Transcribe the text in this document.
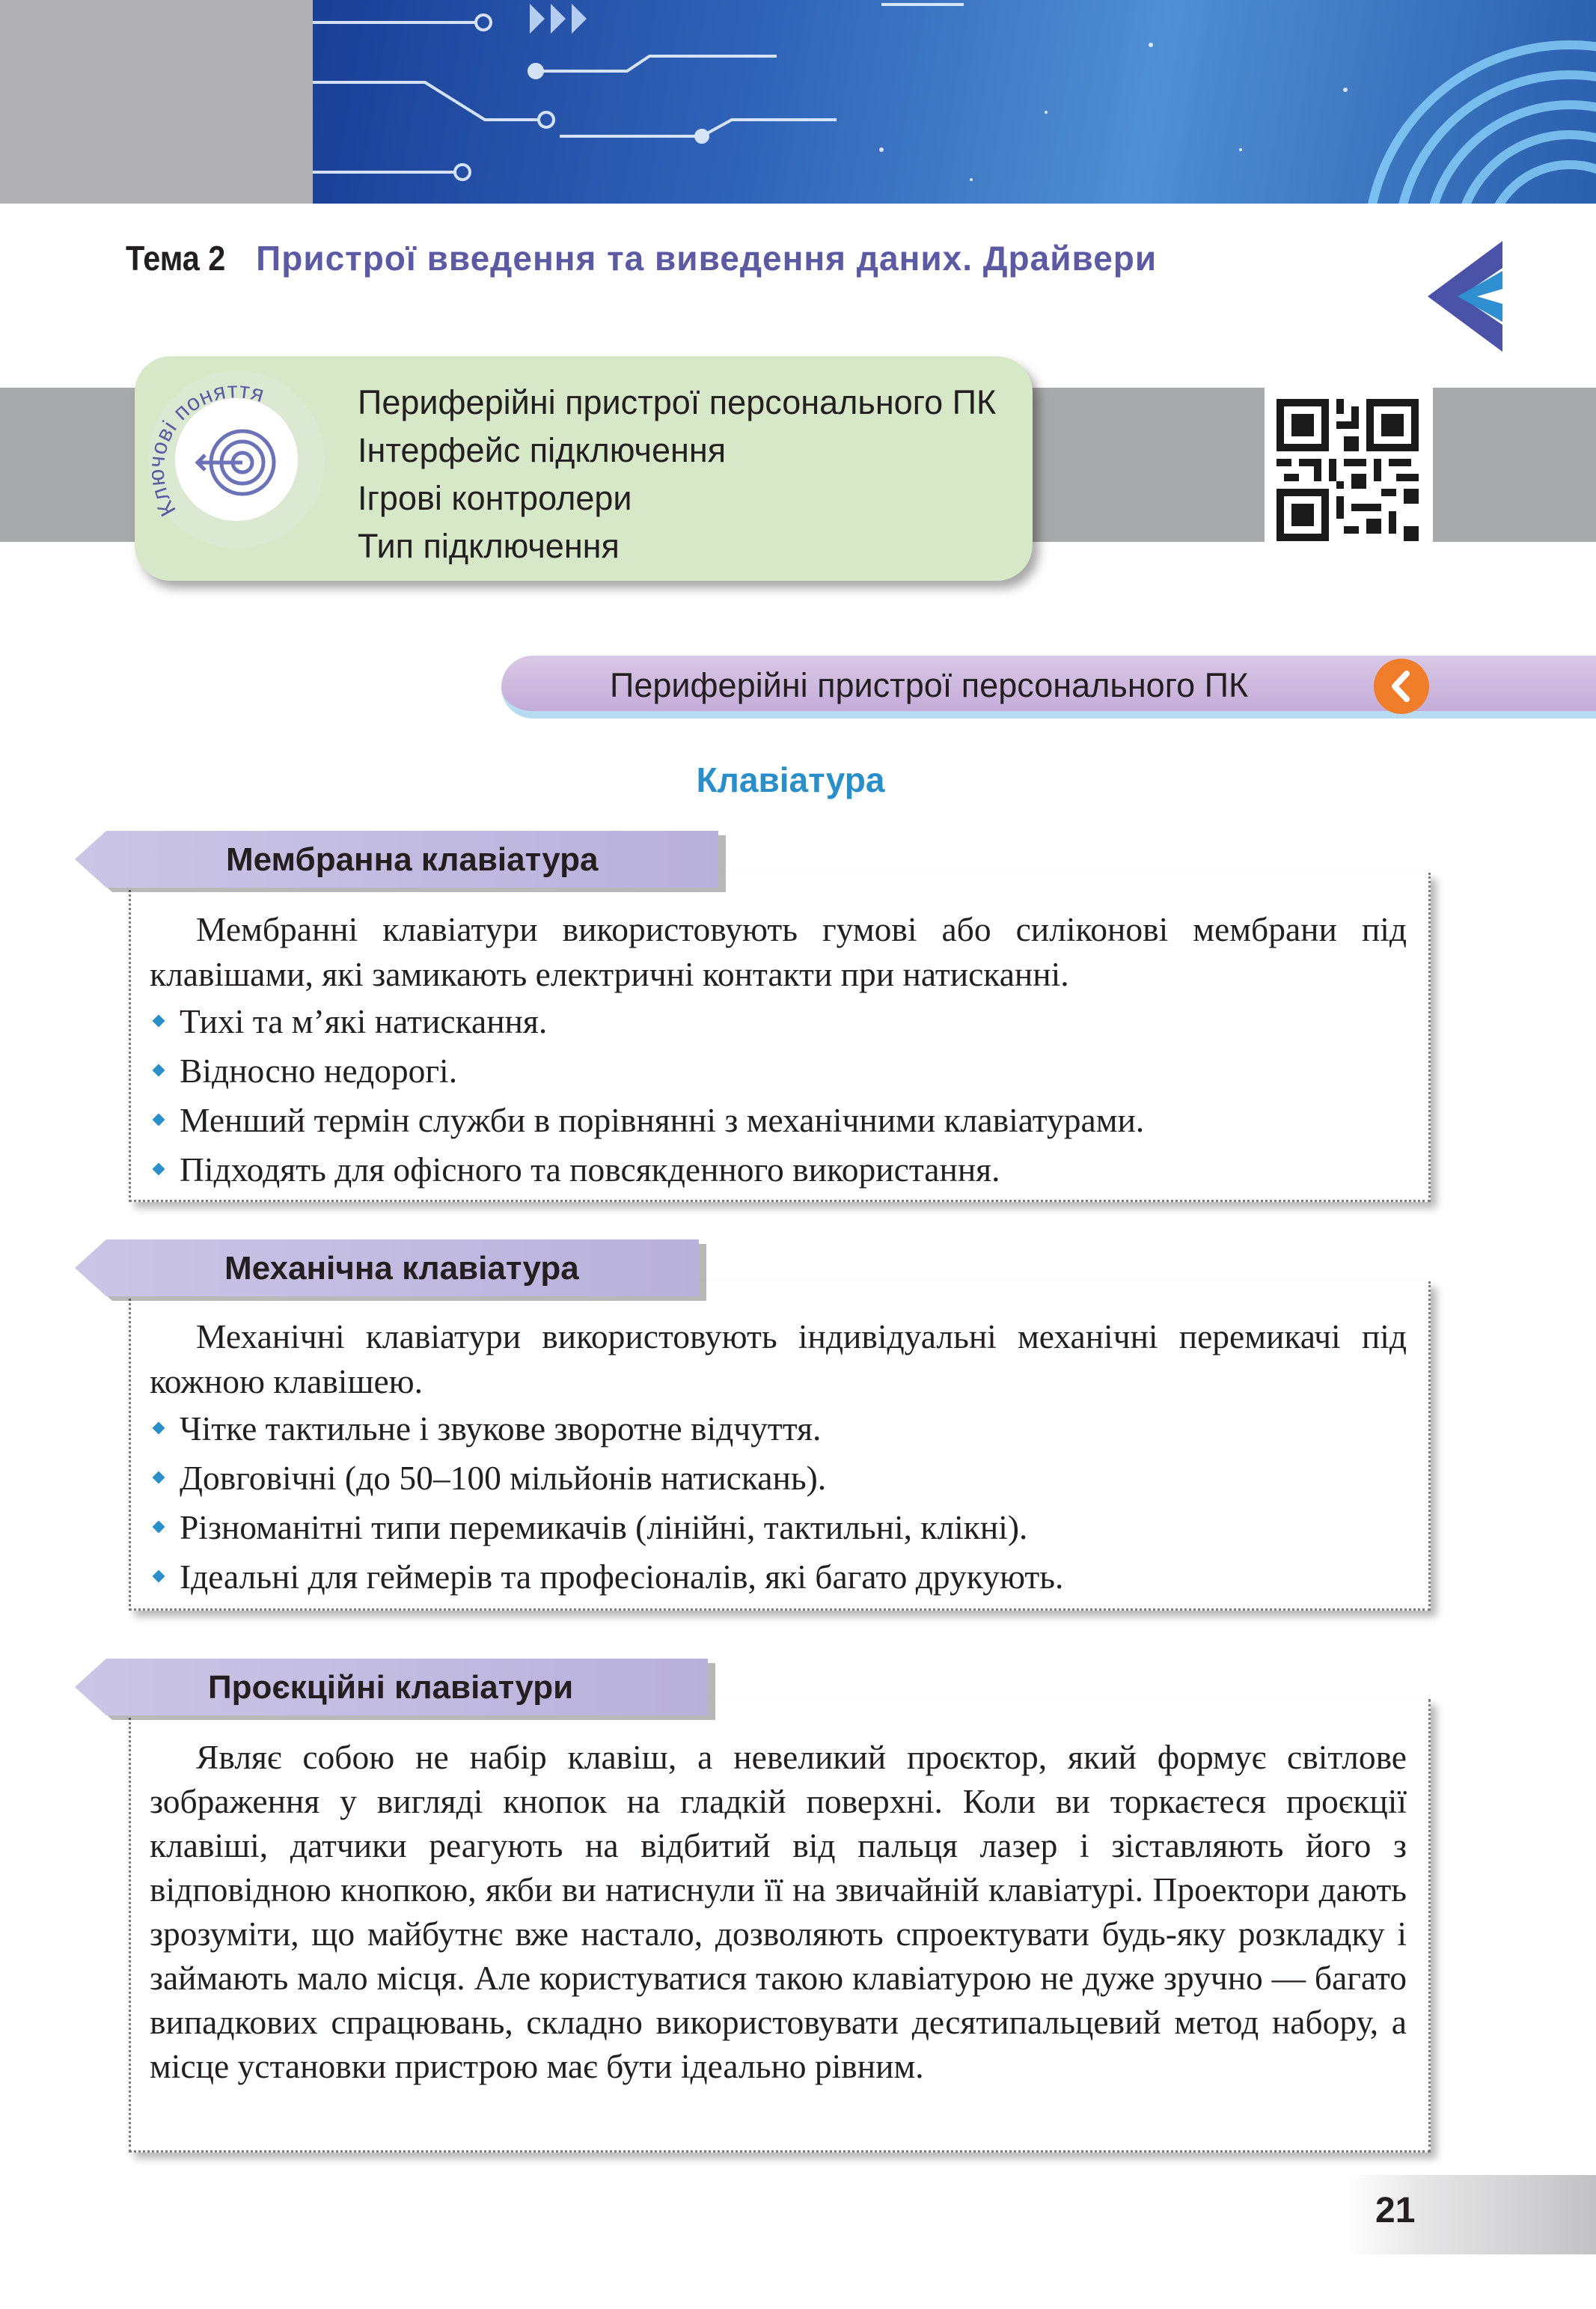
Тема 2 Пристрої введення та виведення даних. Драйвери
Кл чові поняття	Периферійні пристрої персонального ПК
Інтерфейс підключення
Ігрові контролери
Тип підключення
Периферійні пристрої персонального ПК
Клавіатура
Мембранна клавіатура

Мембранні клавіатури використовують гумові або силіконові мембрани під клавішами, які замикають електричні контакти при натисканні.

Тихі та м’які натискання.
Відносно недорогі.
Менший термін служби в порівнянні з механічними клавіатурами.
Підходять для офісного та повсякденного використання.
Механічна клавіатура

Механічні клавіатури використовують індивідуальні механічні перемикачі під кожною клавішею.

Чітке тактильне і звукове зворотне відчуття.
Довговічні (до 50–100 мільйонів натискань).
Різноманітні типи перемикачів (лінійні, тактильні, клікні).
Ідеальні для геймерів та професіоналів, які багато друкують.
Проєкційні клавіатури

Являє собою не набір клавіш, а невеликий проєктор, який формує світлове зображення у вигляді кнопок на гладкій поверхні. Коли ви торкаєтеся проєкції клавіші, датчики реагують на відбитий від пальця лазер і зіставляють його з відповідною кнопкою, якби ви натиснули її на звичайній клавіатурі. Проектори дають зрозуміти, що майбутнє вже настало, дозволяють спроектувати будь-яку розкладку і займають мало місця. Але користуватися такою клавіатурою не дуже зручно — багато випадкових спрацювань, складно використовувати десятипальцевий метод набору, а місце установки пристрою має бути ідеально рівним.

21
